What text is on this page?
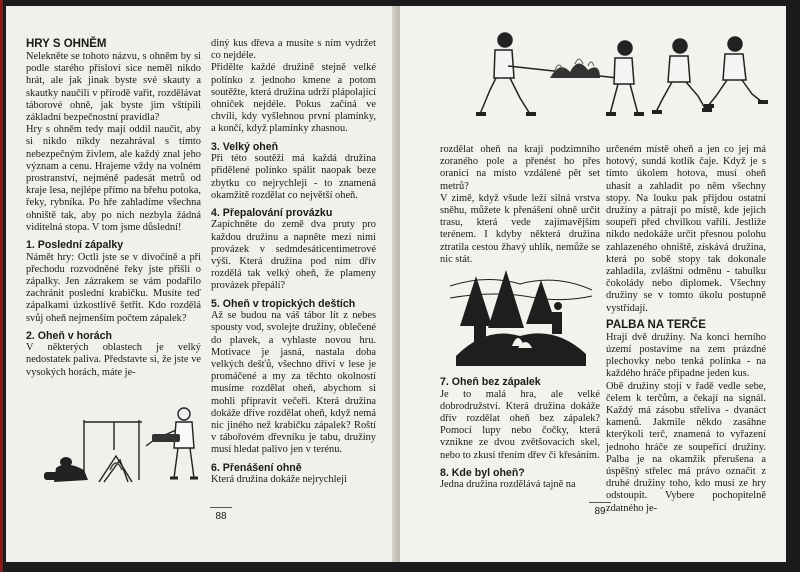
HRY S OHNĚM

Nelekněte se tohoto názvu, s ohněm by si podle starého přísloví sice neměl nikdo hrát, ale jak jinak byste své skauty a skautky naučili v přírodě vařit, rozdělávat táborové ohně, jak byste jim vštípili základní bezpečnostní pravidla?

Hry s ohněm tedy mají oddíl naučit, aby si nikdo nikdy nezahrával s tímto nebezpečným živlem, ale každý znal jeho význam a cenu. Hrajeme vždy na volném prostranství, nejméně padesát metrů od kraje lesa, nejlépe přímo na břehu potoka, řeky, rybníka. Po hře zahladíme všechna ohniště tak, aby po nich nezbyla žádná viditelná stopa. V tom jsme důslední!

1. Poslední zápalky

Námět hry: Octli jste se v divočině a při přechodu rozvodněné řeky jste přišli o zápalky. Jen zázrakem se vám podařilo zachránit poslední krabičku. Musíte teď zápalkami úzkostlivě šetřit. Kdo rozdělá svůj oheň nejmenším počtem zápalek?

2. Oheň v horách

V některých oblastech je velký nedostatek paliva. Představte si, že jste ve vysokých horách, máte je-

diný kus dřeva a musíte s ním vydržet co nejdéle.

Přidělte každé družině stejně velké polínko z jednoho kmene a potom soutěžte, která družina udrží plápolající ohníček nejdéle. Pokus začíná ve chvíli, kdy vyšlehnou první plamínky, a končí, když plamínky zhasnou.

3. Velký oheň

Při této soutěži má každá družina přidělené polínko spálit naopak beze zbytku co nejrychleji - to znamená okamžitě rozdělat co největší oheň.

4. Přepalování provázku

Zapíchněte do země dva pruty pro každou družinu a napněte mezi nimi provázek v sedmdesáticentimetrové výši. Která družina pod ním dřív rozdělá tak velký oheň, že plameny provázek přepálí?

5. Oheň v tropických deštích

Až se budou na váš tábor lít z nebes spousty vod, svolejte družiny, oblečené do plavek, a vyhlaste novou hru. Motivace je jasná, nastala doba velkých dešťů, všechno dříví v lese je promáčené a my za těchto okolností musíme rozdělat oheň, abychom si mohli připravit večeři. Která družina dokáže dříve rozdělat oheň, když nemá nic jiného než krabičku zápalek? Roští v tábořovém dřevníku je tabu, družiny musí hledat palivo jen v terénu.

6. Přenášení ohně

Která družina dokáže nejrychleji

88

rozdělat oheň na kraji podzimního zoraného pole a přenést ho přes oranici na místo vzdálené pět set metrů?

V zimě, když všude leží silná vrstva sněhu, můžete k přenášení ohně určit trasu, která vede zajímavějším terénem. I kdyby některá družina ztratila cestou žhavý uhlík, nemůže se nic stát.

7. Oheň bez zápalek

Je to malá hra, ale velké dobrodružství. Která družina dokáže dřív rozdělat oheň bez zápalek? Pomocí lupy nebo čočky, která vznikne ze dvou zvětšovacích skel, nebo to zkusí třením dřev či křesáním.

8. Kde byl oheň?

Jedna družina rozdělává tajně na

určeném místě oheň a jen co jej má hotový, sundá kotlík čaje. Když je s tímto úkolem hotova, musí oheň uhasit a zahladit po něm všechny stopy. Na louku pak přijdou ostatní družiny a pátrají po místě, kde jejich soupeři před chvilkou vařili. Jestliže nikdo nedokáže určit přesnou polohu zahlazeného ohniště, získává družina, která po sobě stopy tak dokonale zahladila, zvláštní odměnu - tabulku čokolády nebo diplomek. Všechny družiny se v tomto úkolu postupně vystřídají.

PALBA NA TERČE

Hrají dvě družiny. Na konci herního území postavíme na zem prázdné plechovky nebo tenká polínka - na každého hráče připadne jeden kus.

Obě družiny stojí v řadě vedle sebe, čelem k terčům, a čekají na signál. Každý má zásobu střeliva - dvanáct kamenů. Jakmile někdo zasáhne kterýkoli terč, znamená to vyřazení jednoho hráče ze soupeřící družiny. Palba je na okamžik přerušena a úspěšný střelec má právo označit z druhé družiny toho, kdo musí ze hry odstoupit. Vybere pochopitelně zdatného je-

89
